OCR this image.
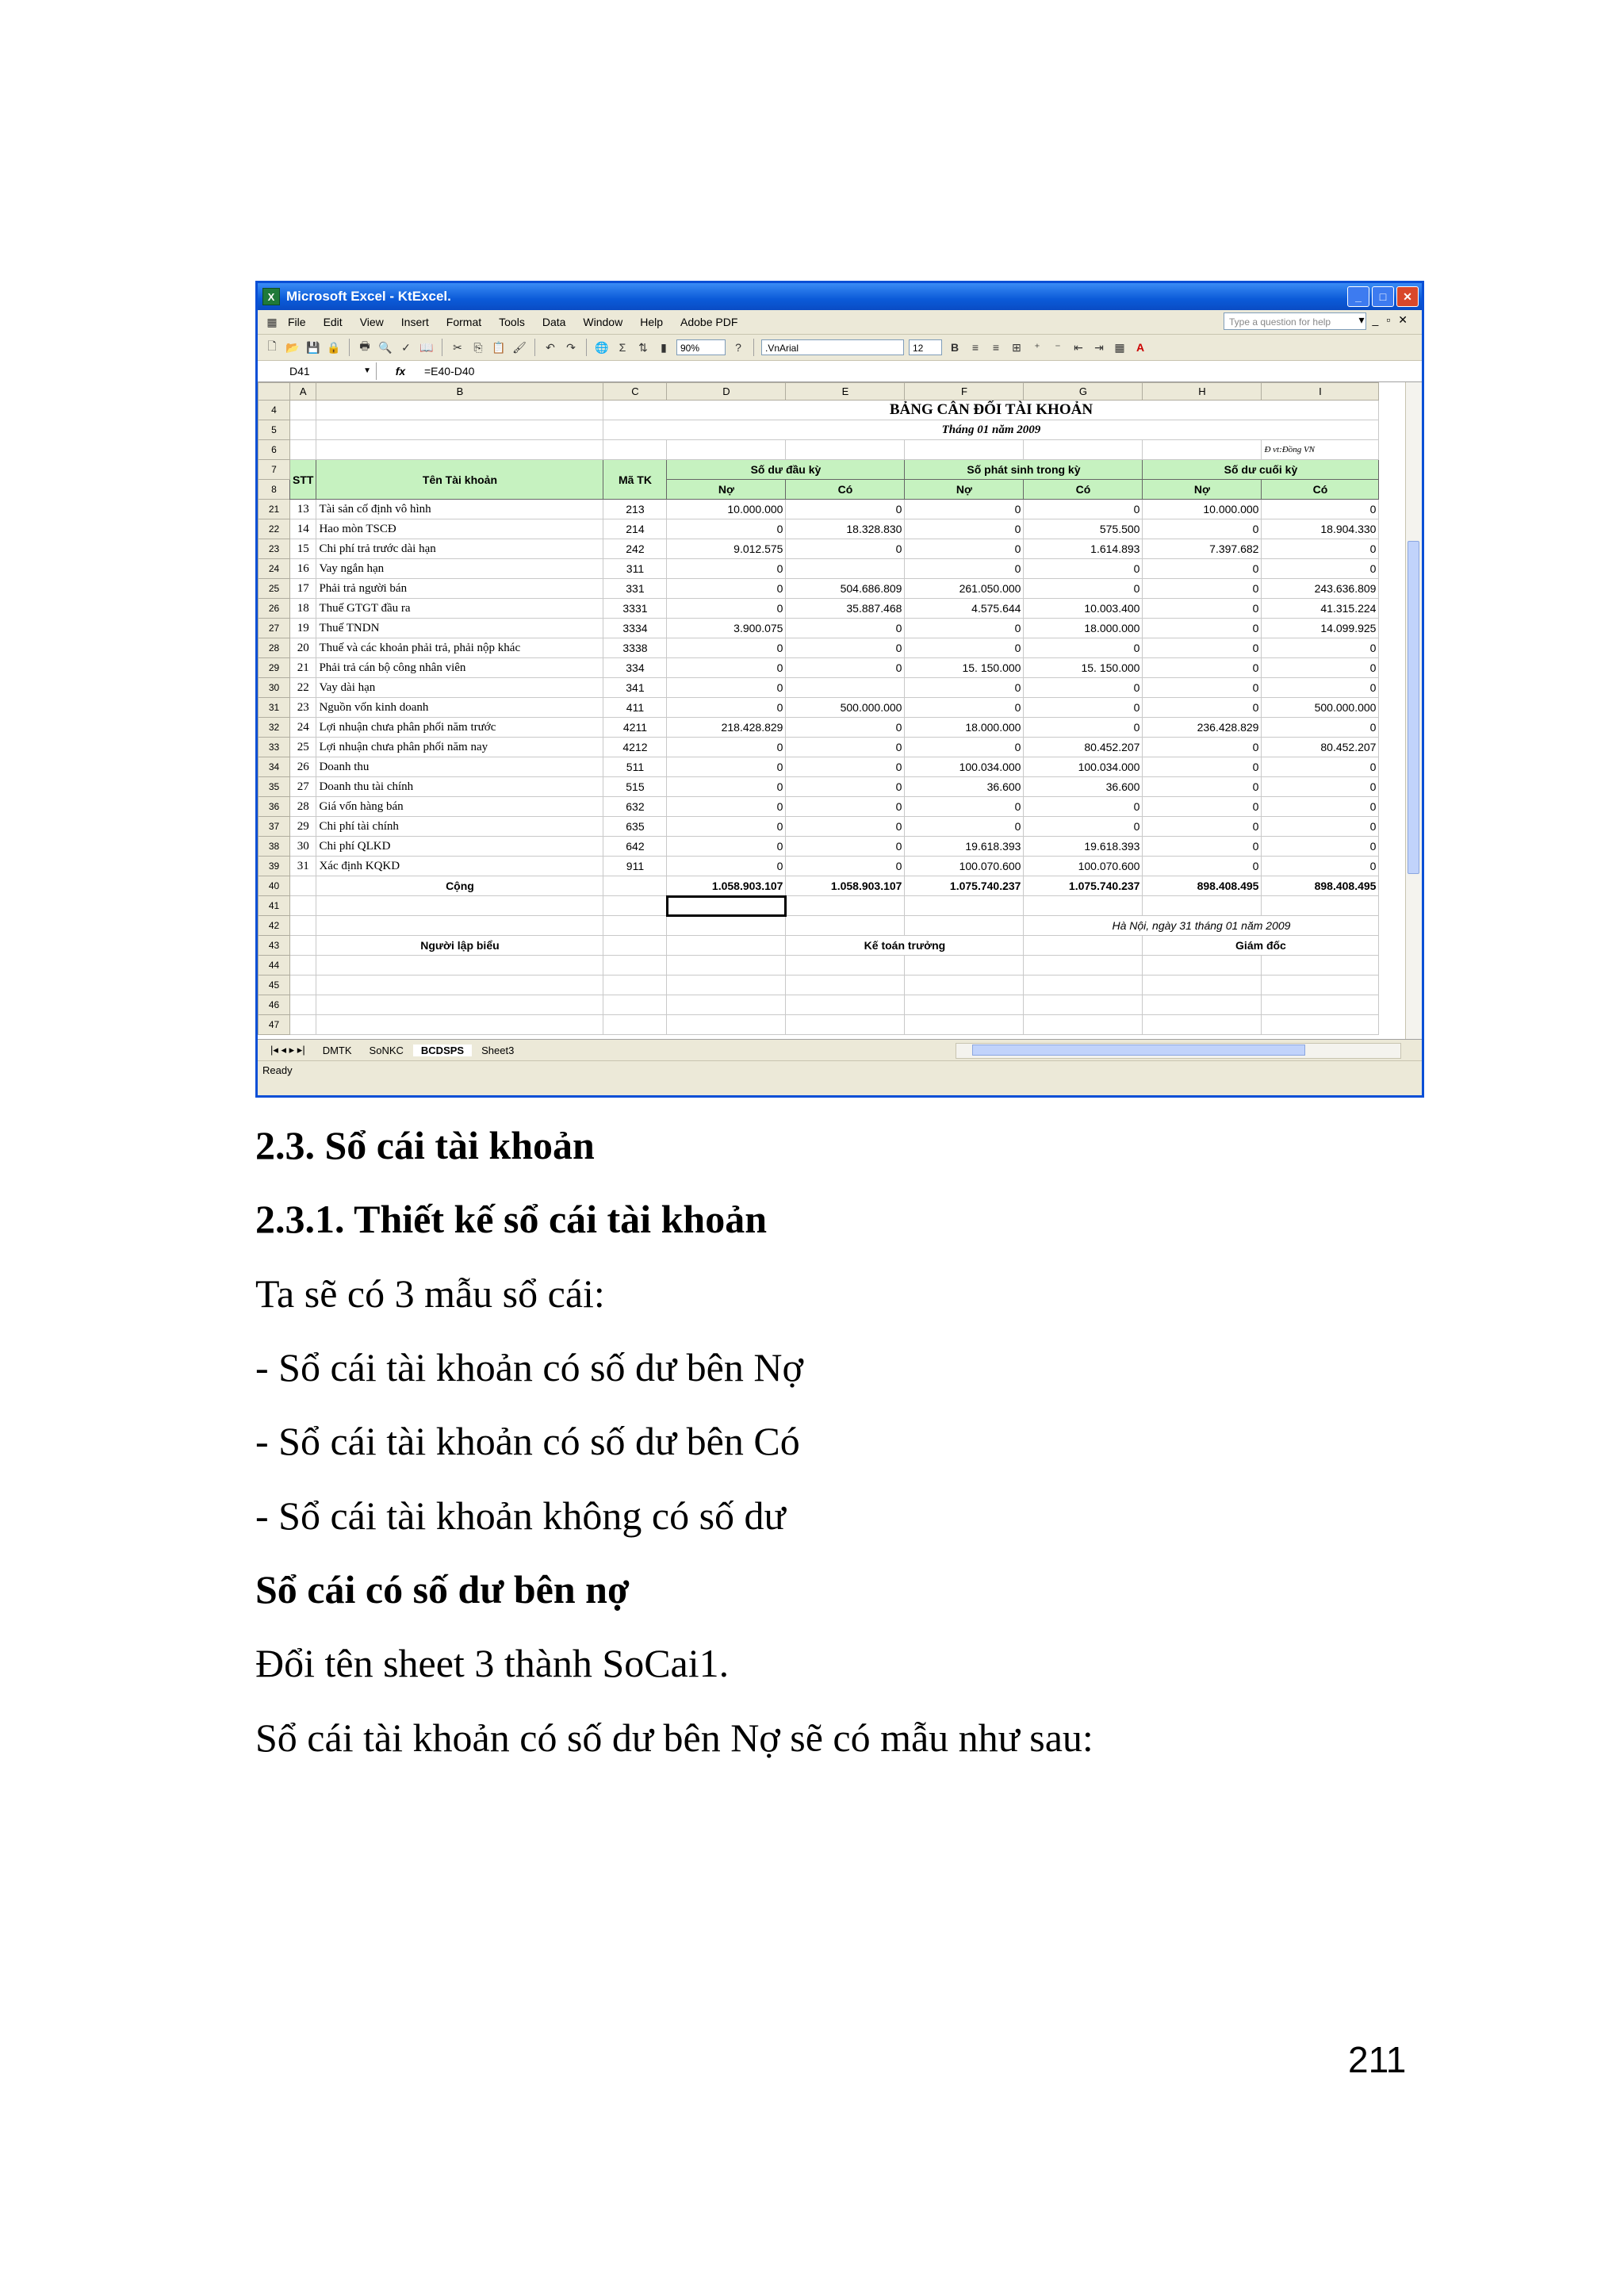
X Microsoft Excel - KtExcel.	_	□	✕
▦ File Edit View Insert Format Tools Data Window Help Adobe PDF	Type a question for help	▾_▫✕
🗋 📂 💾 🔒 🖶 🔍 ✓ 📖 ✂	⎘ 📋 🖌 ↶ ↷ 🌐 Σ	⇅	▮	90%	?	.VnArial	12	B	≡	≡	⊞	⁺	⁻	⇤ ⇥ ▦	A
D41	▼	fx	=E40-D40
	A	B	C	D	E	F	G	H	I
4			BẢNG CÂN ĐỐI TÀI KHOẢN						
5			Tháng 01 năm 2009						
6									Đ vt:Đồng VN
7	STT	Tên Tài khoản	Mã TK	Số dư đầu kỳ		Số phát sinh trong kỳ		Số dư cuối kỳ	
8				Nợ	Có	Nợ	Có	Nợ	Có
21	13	Tài sản cố định vô hình	213	10.000.000	0	0	0	10.000.000	0
22	14	Hao mòn TSCĐ	214	0	18.328.830	0	575.500	0	18.904.330
23	15	Chi phí trả trước dài hạn	242	9.012.575	0	0	1.614.893	7.397.682	0
24	16	Vay ngắn hạn	311	0		0	0	0	0
25	17	Phải trả người bán	331	0	504.686.809	261.050.000	0	0	243.636.809
26	18	Thuế GTGT đầu ra	3331	0	35.887.468	4.575.644	10.003.400	0	41.315.224
27	19	Thuế TNDN	3334	3.900.075	0	0	18.000.000	0	14.099.925
28	20	Thuế và các khoản phải trả, phải nộp khác	3338	0	0	0	0	0	0
29	21	Phải trả cán bộ công nhân viên	334	0	0	15. 150.000	15. 150.000	0	0
30	22	Vay dài hạn	341	0		0	0	0	0
31	23	Nguồn vốn kinh doanh	411	0	500.000.000	0	0	0	500.000.000
32	24	Lợi nhuận chưa phân phối năm trước	4211	218.428.829	0	18.000.000	0	236.428.829	0
33	25	Lợi nhuận chưa phân phối năm nay	4212	0	0	0	80.452.207	0	80.452.207
34	26	Doanh thu	511	0	0	100.034.000	100.034.000	0	0
35	27	Doanh thu tài chính	515	0	0	36.600	36.600	0	0
36	28	Giá vốn hàng bán	632	0	0	0	0	0	0
37	29	Chi phí tài chính	635	0	0	0	0	0	0
38	30	Chi phí QLKD	642	0	0	19.618.393	19.618.393	0	0
39	31	Xác định KQKD	911	0	0	100.070.600	100.070.600	0	0
40		Cộng		1.058.903.107	1.058.903.107	1.075.740.237	1.075.740.237	898.408.495	898.408.495
41									
42							Hà Nội, ngày 31 tháng 01 năm 2009		
43		Người lập biểu			Kế toán trưởng			Giám đốc	
44									
45									
46									
47									
|◂ ◂ ▸ ▸|	DMTK	SoNKC	BCDSPS	Sheet3
Ready
2.3. Sổ cái tài khoản
2.3.1. Thiết kế sổ cái tài khoản
Ta sẽ có 3 mẫu sổ cái:
- Sổ cái tài khoản có số dư bên Nợ
- Sổ cái tài khoản có số dư bên Có
- Sổ cái tài khoản không có số dư
Sổ cái có số dư bên nợ
Đổi tên sheet 3 thành SoCai1.
Sổ cái tài khoản có số dư bên Nợ sẽ có mẫu như sau:
211
